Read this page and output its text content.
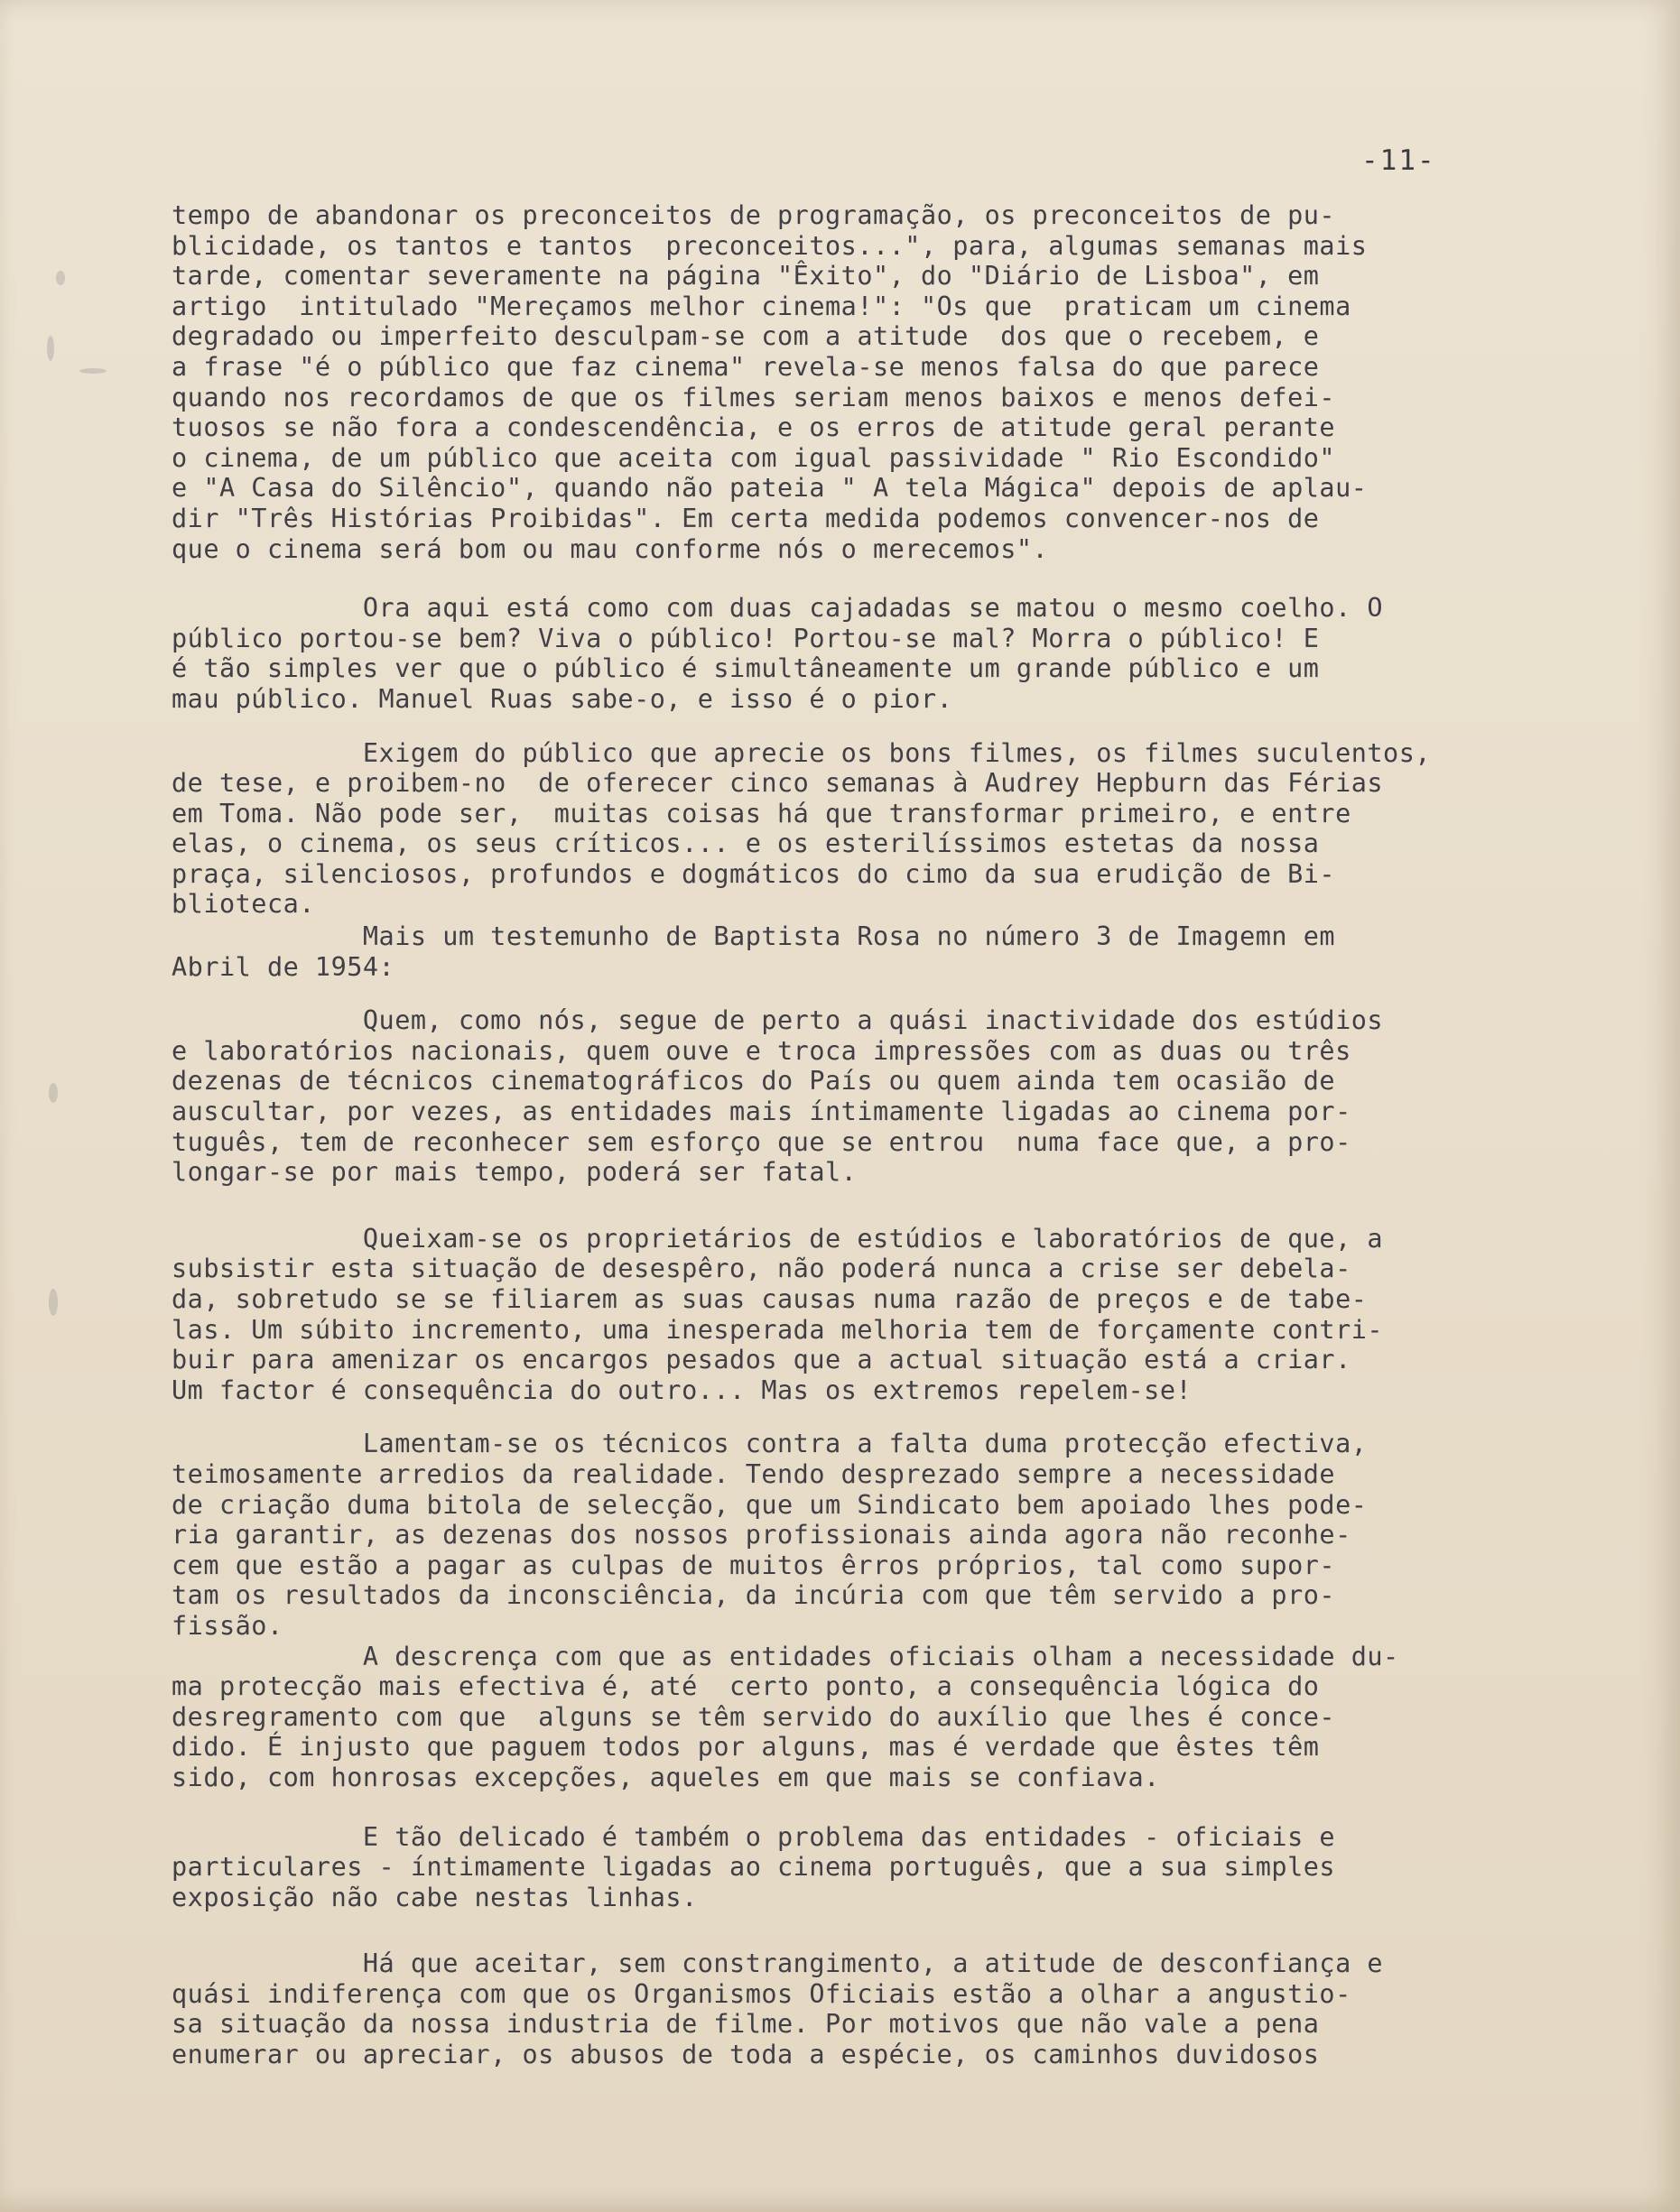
-11-
tempo de abandonar os preconceitos de programação, os preconceitos de pu-
blicidade, os tantos e tantos  preconceitos...", para, algumas semanas mais
tarde, comentar severamente na página "Êxito", do "Diário de Lisboa", em
artigo  intitulado "Mereçamos melhor cinema!": "Os que  praticam um cinema
degradado ou imperfeito desculpam-se com a atitude  dos que o recebem, e
a frase "é o público que faz cinema" revela-se menos falsa do que parece
quando nos recordamos de que os filmes seriam menos baixos e menos defei-
tuosos se não fora a condescendência, e os erros de atitude geral perante
o cinema, de um público que aceita com igual passividade " Rio Escondido"
e "A Casa do Silêncio", quando não pateia " A tela Mágica" depois de aplau-
dir "Três Histórias Proibidas". Em certa medida podemos convencer-nos de
que o cinema será bom ou mau conforme nós o merecemos".
Ora aqui está como com duas cajadadas se matou o mesmo coelho. O
público portou-se bem? Viva o público! Portou-se mal? Morra o público! E
é tão simples ver que o público é simultâneamente um grande público e um
mau público. Manuel Ruas sabe-o, e isso é o pior.
Exigem do público que aprecie os bons filmes, os filmes suculentos,
de tese, e proibem-no  de oferecer cinco semanas à Audrey Hepburn das Férias
em Toma. Não pode ser,  muitas coisas há que transformar primeiro, e entre
elas, o cinema, os seus críticos... e os esterilíssimos estetas da nossa
praça, silenciosos, profundos e dogmáticos do cimo da sua erudição de Bi-
blioteca.
Mais um testemunho de Baptista Rosa no número 3 de Imagemn em
Abril de 1954:
Quem, como nós, segue de perto a quási inactividade dos estúdios
e laboratórios nacionais, quem ouve e troca impressões com as duas ou três
dezenas de técnicos cinematográficos do País ou quem ainda tem ocasião de
auscultar, por vezes, as entidades mais íntimamente ligadas ao cinema por-
tuguês, tem de reconhecer sem esforço que se entrou  numa face que, a pro-
longar-se por mais tempo, poderá ser fatal.
Queixam-se os proprietários de estúdios e laboratórios de que, a
subsistir esta situação de desespêro, não poderá nunca a crise ser debela-
da, sobretudo se se filiarem as suas causas numa razão de preços e de tabe-
las. Um súbito incremento, uma inesperada melhoria tem de forçamente contri-
buir para amenizar os encargos pesados que a actual situação está a criar.
Um factor é consequência do outro... Mas os extremos repelem-se!
Lamentam-se os técnicos contra a falta duma protecção efectiva,
teimosamente arredios da realidade. Tendo desprezado sempre a necessidade
de criação duma bitola de selecção, que um Sindicato bem apoiado lhes pode-
ria garantir, as dezenas dos nossos profissionais ainda agora não reconhe-
cem que estão a pagar as culpas de muitos êrros próprios, tal como supor-
tam os resultados da inconsciência, da incúria com que têm servido a pro-
fissão.
A descrença com que as entidades oficiais olham a necessidade du-
ma protecção mais efectiva é, até  certo ponto, a consequência lógica do
desregramento com que  alguns se têm servido do auxílio que lhes é conce-
dido. É injusto que paguem todos por alguns, mas é verdade que êstes têm
sido, com honrosas excepções, aqueles em que mais se confiava.
E tão delicado é também o problema das entidades - oficiais e
particulares - íntimamente ligadas ao cinema português, que a sua simples
exposição não cabe nestas linhas.
Há que aceitar, sem constrangimento, a atitude de desconfiança e
quási indiferença com que os Organismos Oficiais estão a olhar a angustio-
sa situação da nossa industria de filme. Por motivos que não vale a pena
enumerar ou apreciar, os abusos de toda a espécie, os caminhos duvidosos
